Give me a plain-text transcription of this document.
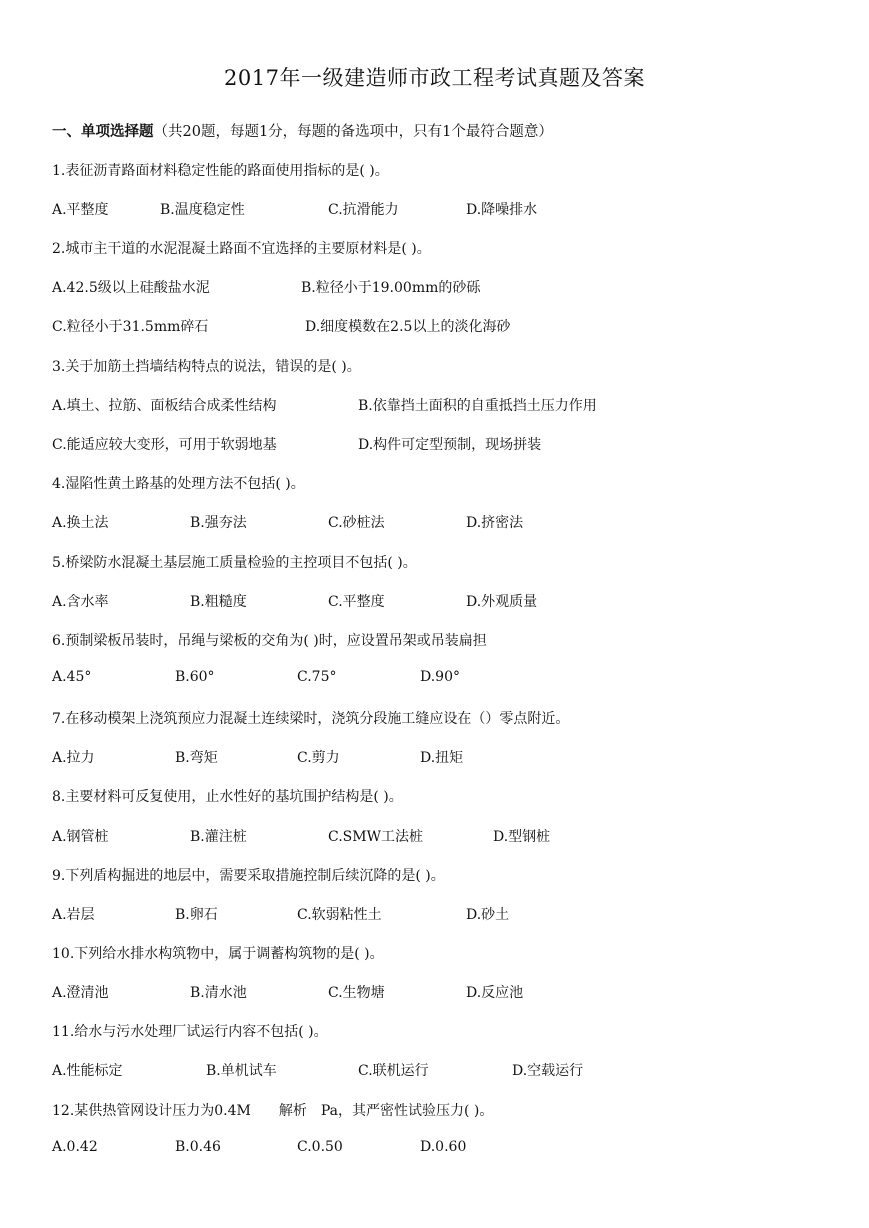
2017年一级建造师市政工程考试真题及答案
一、单项选择题（共20题，每题1分，每题的备选项中，只有1个最符合题意）
1.表征沥青路面材料稳定性能的路面使用指标的是( )。
A.平整度	B.温度稳定性	C.抗滑能力	D.降噪排水
2.城市主干道的水泥混凝土路面不宜选择的主要原材料是( )。
A.42.5级以上硅酸盐水泥	B.粒径小于19.00mm的砂砾
C.粒径小于31.5mm碎石	D.细度模数在2.5以上的淡化海砂
3.关于加筋土挡墙结构特点的说法，错误的是( )。
A.填土、拉筋、面板结合成柔性结构	B.依靠挡土面积的自重抵挡土压力作用
C.能适应较大变形，可用于软弱地基	D.构件可定型预制，现场拼装
4.湿陷性黄土路基的处理方法不包括( )。
A.换土法	B.强夯法	C.砂桩法	D.挤密法
5.桥梁防水混凝土基层施工质量检验的主控项目不包括( )。
A.含水率	B.粗糙度	C.平整度	D.外观质量
6.预制梁板吊装时，吊绳与梁板的交角为( )时，应设置吊架或吊装扁担
A.45°	B.60°	C.75°	D.90°
7.在移动模架上浇筑预应力混凝土连续梁时，浇筑分段施工缝应设在（）零点附近。
A.拉力	B.弯矩	C.剪力	D.扭矩
8.主要材料可反复使用，止水性好的基坑围护结构是( )。
A.钢管桩	B.灌注桩	C.SMW工法桩	D.型钢桩
9.下列盾构掘进的地层中，需要采取措施控制后续沉降的是( )。
A.岩层	B.卵石	C.软弱粘性土	D.砂土
10.下列给水排水构筑物中，属于调蓄构筑物的是( )。
A.澄清池	B.清水池	C.生物塘	D.反应池
11.给水与污水处理厂试运行内容不包括( )。
A.性能标定	B.单机试车	C.联机运行	D.空载运行
12.某供热管网设计压力为0.4M　　解析　Pa，其严密性试验压力( )。
A.0.42	B.0.46	C.0.50	D.0.60
